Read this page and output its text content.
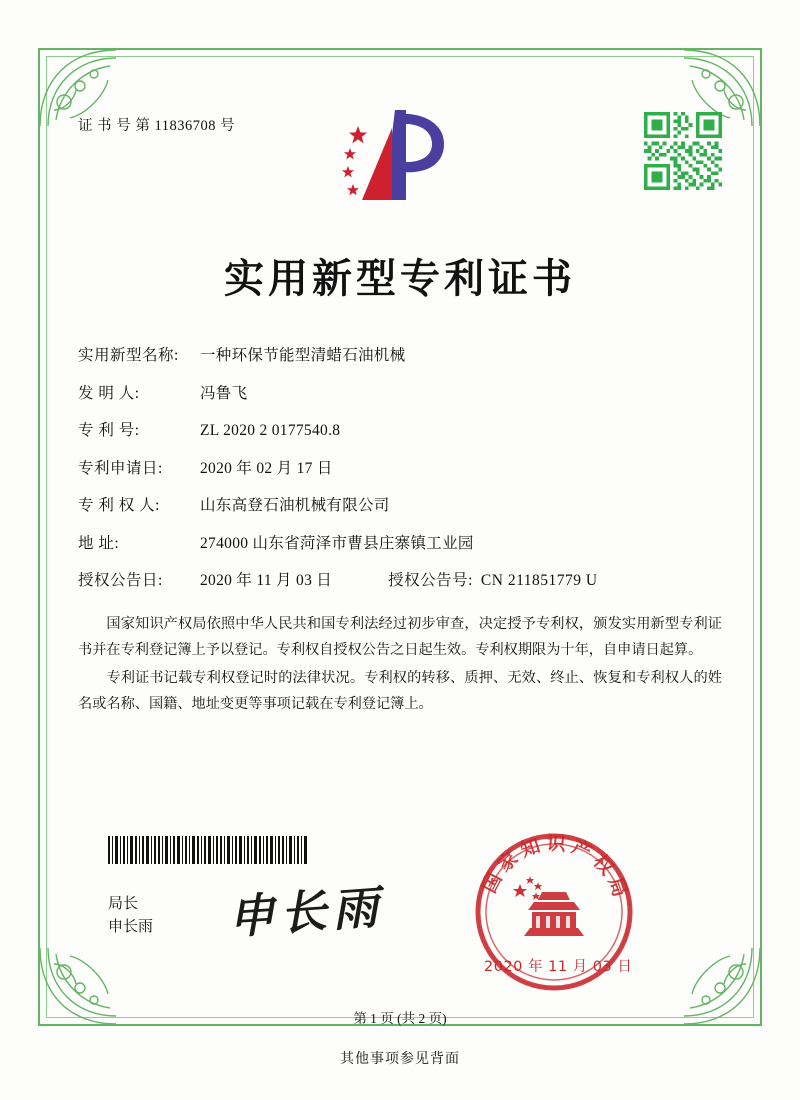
证 书 号 第 11836708 号
实用新型专利证书
实用新型名称:	一种环保节能型清蜡石油机械
发 明 人:	冯鲁飞
专 利 号:	ZL 2020 2 0177540.8
专利申请日:	2020 年 02 月 17 日
专 利 权 人:	山东高登石油机械有限公司
地 址:	274000 山东省菏泽市曹县庄寨镇工业园
授权公告日:	2020 年 11 月 03 日	授权公告号: CN 211851779 U

国家知识产权局依照中华人民共和国专利法经过初步审查，决定授予专利权，颁发实用新型专利证书并在专利登记簿上予以登记。专利权自授权公告之日起生效。专利权期限为十年，自申请日起算。

专利证书记载专利权登记时的法律状况。专利权的转移、质押、无效、终止、恢复和专利权人的姓名或名称、国籍、地址变更等事项记载在专利登记簿上。

局长
申长雨 申长雨	国家知识产权局
2020 年 11 月 03 日
第 1 页 (共 2 页)
其他事项参见背面
